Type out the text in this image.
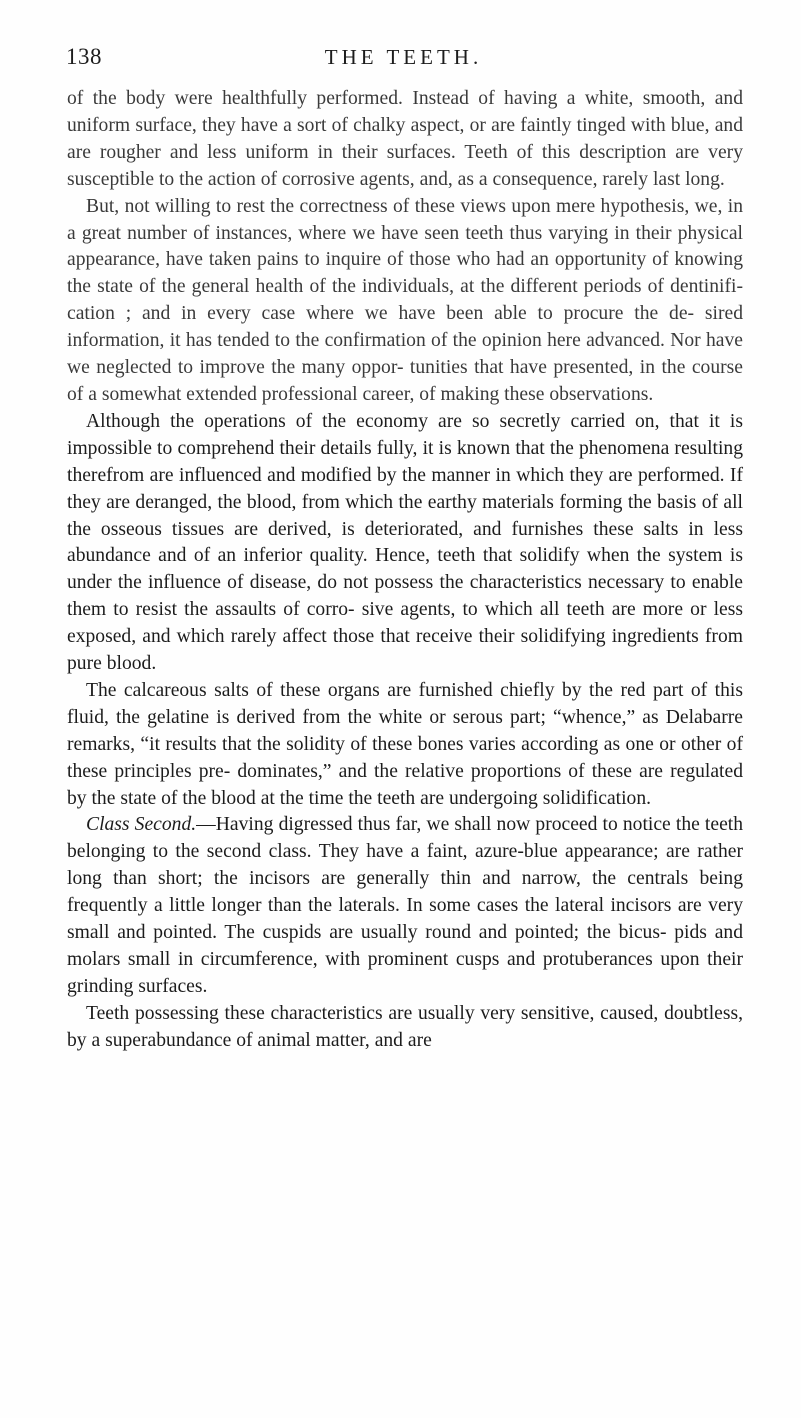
138	THE TEETH.

of the body were healthfully performed. Instead of having a white, smooth, and uniform surface, they have a sort of chalky aspect, or are faintly tinged with blue, and are rougher and less uniform in their surfaces. Teeth of this description are very susceptible to the action of corrosive agents, and, as a consequence, rarely last long.

But, not willing to rest the correctness of these views upon mere hypothesis, we, in a great number of instances, where we have seen teeth thus varying in their physical appearance, have taken pains to inquire of those who had an opportunity of knowing the state of the general health of the individuals, at the different periods of dentinifi- cation ; and in every case where we have been able to procure the de- sired information, it has tended to the confirmation of the opinion here advanced. Nor have we neglected to improve the many oppor- tunities that have presented, in the course of a somewhat extended professional career, of making these observations.

Although the operations of the economy are so secretly carried on, that it is impossible to comprehend their details fully, it is known that the phenomena resulting therefrom are influenced and modified by the manner in which they are performed. If they are deranged, the blood, from which the earthy materials forming the basis of all the osseous tissues are derived, is deteriorated, and furnishes these salts in less abundance and of an inferior quality. Hence, teeth that solidify when the system is under the influence of disease, do not possess the characteristics necessary to enable them to resist the assaults of corro- sive agents, to which all teeth are more or less exposed, and which rarely affect those that receive their solidifying ingredients from pure blood.

The calcareous salts of these organs are furnished chiefly by the red part of this fluid, the gelatine is derived from the white or serous part; “whence,” as Delabarre remarks, “it results that the solidity of these bones varies according as one or other of these principles pre- dominates,” and the relative proportions of these are regulated by the state of the blood at the time the teeth are undergoing solidification.

Class Second.—Having digressed thus far, we shall now proceed to notice the teeth belonging to the second class. They have a faint, azure-blue appearance; are rather long than short; the incisors are generally thin and narrow, the centrals being frequently a little longer than the laterals. In some cases the lateral incisors are very small and pointed. The cuspids are usually round and pointed; the bicus- pids and molars small in circumference, with prominent cusps and protuberances upon their grinding surfaces.

Teeth possessing these characteristics are usually very sensitive, caused, doubtless, by a superabundance of animal matter, and are
